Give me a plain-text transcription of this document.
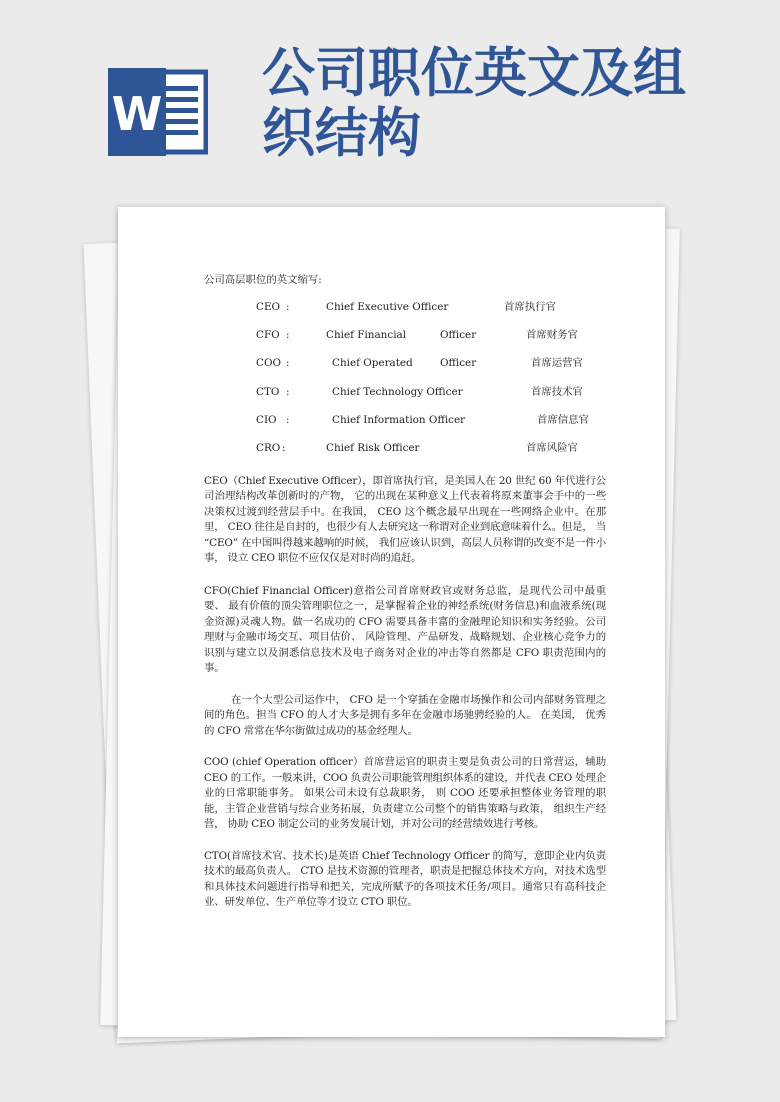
W
公司职位英文及组织结构

公司高层职位的英文缩写:

CEO :	Chief Executive Officer	首席执行官
CFO :	Chief Financial	Officer	首席财务官
COO :	Chief Operated	Officer	首席运营官
CTO :	Chief Technology Officer	首席技术官
CIO :	Chief Information Officer	首席信息官
CRO :	Chief Risk Officer	首席风险官

CEO（Chief Executive Officer），即首席执行官，是美国人在 20 世纪 60 年代进行公司治理结构改革创新时的产物， 它的出现在某种意义上代表着将原来董事会手中的一些决策权过渡到经营层手中。在我国， CEO 这个概念最早出现在一些网络企业中。在那里， CEO 往往是自封的，也很少有人去研究这一称谓对企业到底意味着什么。但是， 当 “CEO” 在中国叫得越来越响的时候， 我们应该认识到，高层人员称谓的改变不是一件小事， 设立 CEO 职位不应仅仅是对时尚的追赶。

CFO(Chief Financial Officer)意指公司首席财政官或财务总监，是现代公司中最重要、 最有价值的顶尖管理职位之一，是掌握着企业的神经系统(财务信息)和血液系统(现金资源)灵魂人物。做一名成功的 CFO 需要具备丰富的金融理论知识和实务经验。公司理财与金融市场交互、项目估价、 风险管理、产品研发、战略规划、企业核心竞争力的识别与建立以及洞悉信息技术及电子商务对企业的冲击等自然都是 CFO 职责范围内的事。

在一个大型公司运作中， CFO 是一个穿插在金融市场操作和公司内部财务管理之间的角色。担当 CFO 的人才大多是拥有多年在金融市场驰骋经验的人。 在美国， 优秀的 CFO 常常在华尔街做过成功的基金经理人。

COO (chief Operation officer）首席营运官的职责主要是负责公司的日常营运，辅助 CEO 的工作。一般来讲，COO 负责公司职能管理组织体系的建设，并代表 CEO 处理企业的日常职能事务。 如果公司未设有总裁职务， 则 COO 还要承担整体业务管理的职能，主管企业营销与综合业务拓展，负责建立公司整个的销售策略与政策， 组织生产经营， 协助 CEO 制定公司的业务发展计划，并对公司的经营绩效进行考核。

CTO(首席技术官、技术长)是英语 Chief Technology Officer 的简写，意即企业内负责技术的最高负责人。 CTO 是技术资源的管理者，职责是把握总体技术方向，对技术选型和具体技术问题进行指导和把关，完成所赋予的各项技术任务/项目。通常只有高科技企业、研发单位、生产单位等才设立 CTO 职位。
